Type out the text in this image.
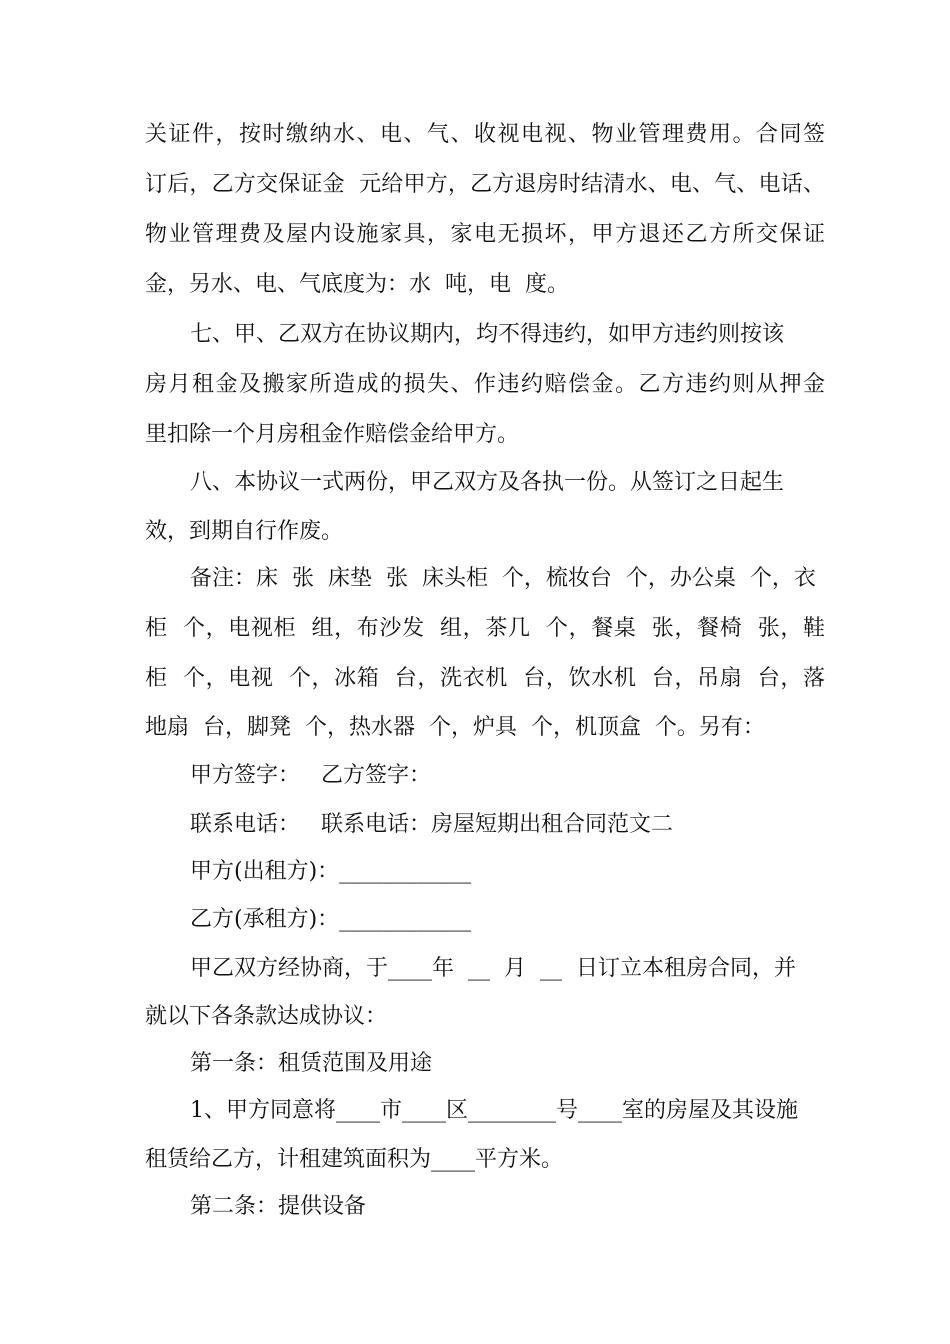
关证件，按时缴纳水、电、气、收视电视、物业管理费用。合同签
订后，乙方交保证金  元给甲方，乙方退房时结清水、电、气、电话、
物业管理费及屋内设施家具，家电无损坏，甲方退还乙方所交保证
金，另水、电、气底度为：水  吨，电  度。
七、甲、乙双方在协议期内，均不得违约，如甲方违约则按该
房月租金及搬家所造成的损失、作违约赔偿金。乙方违约则从押金
里扣除一个月房租金作赔偿金给甲方。
八、本协议一式两份，甲乙双方及各执一份。从签订之日起生
效，到期自行作废。
备注：床  张  床垫  张  床头柜  个，梳妆台  个，办公桌  个，衣
柜  个，电视柜  组，布沙发  组，茶几  个，餐桌  张，餐椅  张，鞋
柜  个，电视  个，冰箱  台，洗衣机  台，饮水机  台，吊扇  台，落
地扇  台，脚凳  个，热水器  个，炉具  个，机顶盒  个。另有：
甲方签字：   乙方签字：
联系电话：   联系电话：房屋短期出租合同范文二
甲方(出租方)：____________
乙方(承租方)：____________
甲乙双方经协商，于____年  __  月  __  日订立本租房合同，并
就以下各条款达成协议：
第一条：租赁范围及用途
1、甲方同意将____市____区________号____室的房屋及其设施
租赁给乙方，计租建筑面积为____平方米。
第二条：提供设备
